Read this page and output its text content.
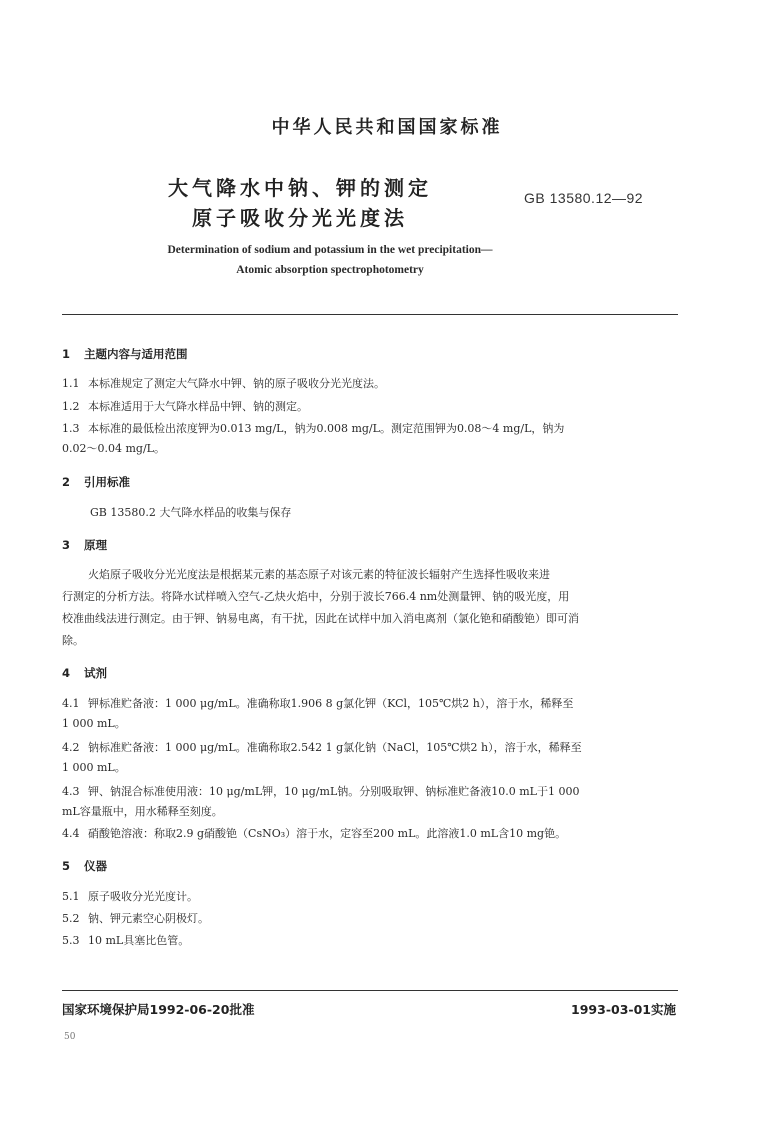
中华人民共和国国家标准
大气降水中钠、钾的测定
原子吸收分光光度法
GB 13580.12—92
Determination of sodium and potassium in the wet precipitation—
Atomic absorption spectrophotometry
1 主题内容与适用范围
1.1 本标准规定了测定大气降水中钾、钠的原子吸收分光光度法。
1.2 本标准适用于大气降水样品中钾、钠的测定。
1.3 本标准的最低检出浓度钾为0.013 mg/L，钠为0.008 mg/L。测定范围钾为0.08～4 mg/L，钠为
0.02～0.04 mg/L。
2 引用标准
GB 13580.2 大气降水样品的收集与保存
3 原理
火焰原子吸收分光光度法是根据某元素的基态原子对该元素的特征波长辐射产生选择性吸收来进
行测定的分析方法。将降水试样喷入空气-乙炔火焰中，分别于波长766.4 nm处测量钾、钠的吸光度，用
校准曲线法进行测定。由于钾、钠易电离，有干扰，因此在试样中加入消电离剂（氯化铯和硝酸铯）即可消
除。
4 试剂
4.1 钾标准贮备液：1 000 μg/mL。准确称取1.906 8 g氯化钾（KCl，105℃烘2 h），溶于水，稀释至
1 000 mL。
4.2 钠标准贮备液：1 000 μg/mL。准确称取2.542 1 g氯化钠（NaCl，105℃烘2 h），溶于水，稀释至
1 000 mL。
4.3 钾、钠混合标准使用液：10 μg/mL钾，10 μg/mL钠。分别吸取钾、钠标准贮备液10.0 mL于1 000
mL容量瓶中，用水稀释至刻度。
4.4 硝酸铯溶液：称取2.9 g硝酸铯（CsNO₃）溶于水，定容至200 mL。此溶液1.0 mL含10 mg铯。
5 仪器
5.1 原子吸收分光光度计。
5.2 钠、钾元素空心阴极灯。
5.3 10 mL具塞比色管。
国家环境保护局1992-06-20批准	1993-03-01实施
50
